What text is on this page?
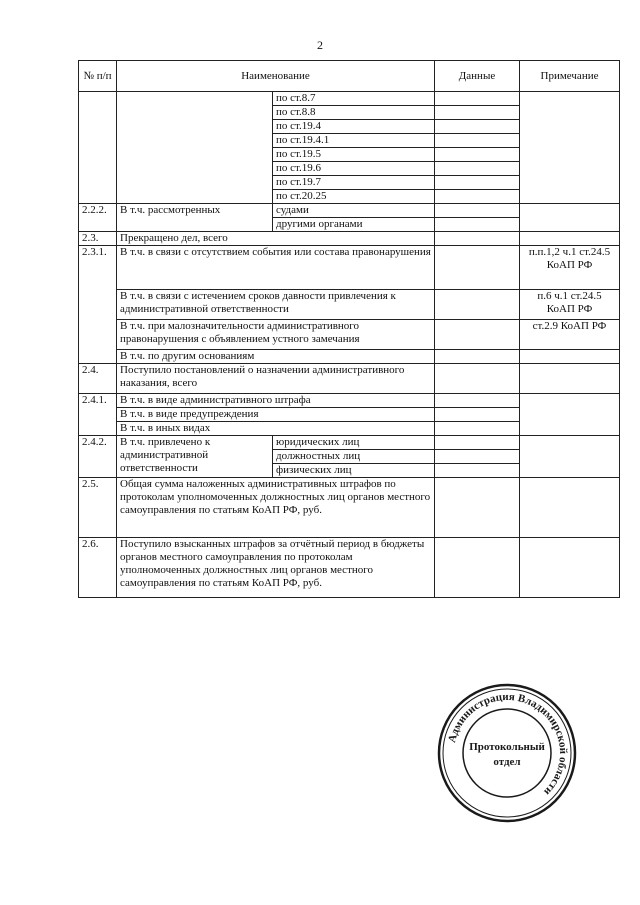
2
№ п/п	Наименование		Данные	Примечание
		по ст.8.7		
		по ст.8.8		
		по ст.19.4		
		по ст.19.4.1		
		по ст.19.5		
		по ст.19.6		
		по ст.19.7		
		по ст.20.25		
2.2.2.	В т.ч. рассмотренных	судами		
		другими органами		
2.3.	Прекращено дел, всего			
2.3.1.	В т.ч. в связи с отсутствием события или состава правонарушения			п.п.1,2 ч.1 ст.24.5 КоАП РФ
	В т.ч. в связи с истечением сроков давности привлечения к административной ответственности			п.6 ч.1 ст.24.5 КоАП РФ
	В т.ч. при малозначительности административного правонарушения с объявлением устного замечания			ст.2.9 КоАП РФ
	В т.ч. по другим основаниям			
2.4.	Поступило постановлений о назначении административного наказания, всего			
2.4.1.	В т.ч. в виде административного штрафа			
	В т.ч. в виде предупреждения			
	В т.ч. в иных видах			
2.4.2.	В т.ч. привлечено к административной ответственности	юридических лиц		
		должностных лиц		
		физических лиц		
2.5.	Общая сумма наложенных административных штрафов по протоколам уполномоченных должностных лиц органов местного самоуправления по статьям КоАП РФ, руб.			
2.6.	Поступило взысканных штрафов за отчётный период в бюджеты органов местного самоуправления по протоколам уполномоченных должностных лиц органов местного самоуправления по статьям КоАП РФ, руб.			
Администрация Владимирской области
Протокольный
отдел
